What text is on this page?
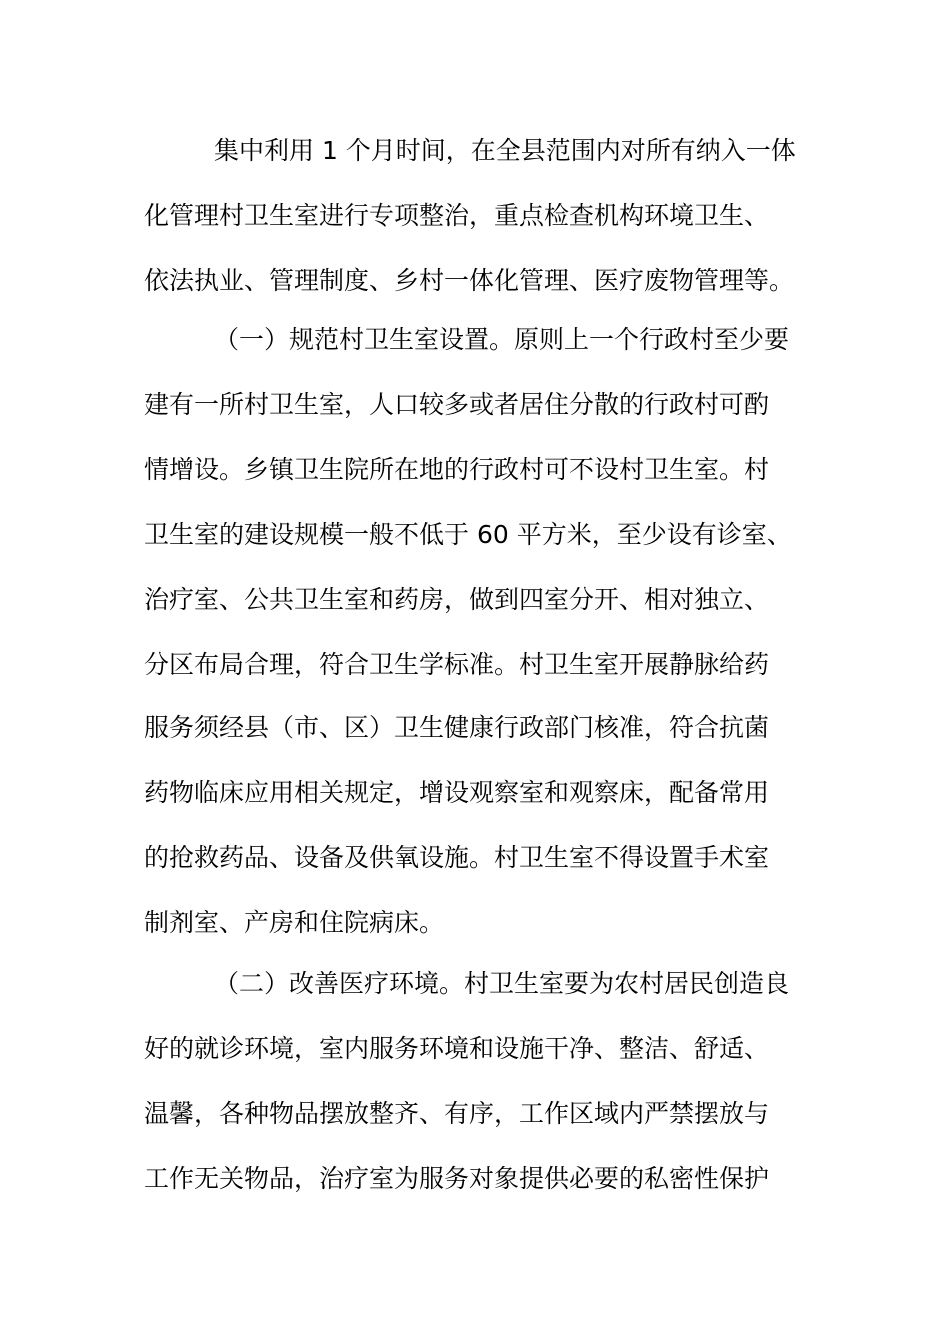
集中利用 1 个月时间，在全县范围内对所有纳入一体
化管理村卫生室进行专项整治，重点检查机构环境卫生、
依法执业、管理制度、乡村一体化管理、医疗废物管理等。
（一）规范村卫生室设置。原则上一个行政村至少要
建有一所村卫生室，人口较多或者居住分散的行政村可酌
情增设。乡镇卫生院所在地的行政村可不设村卫生室。村
卫生室的建设规模一般不低于 60 平方米，至少设有诊室、
治疗室、公共卫生室和药房，做到四室分开、相对独立、
分区布局合理，符合卫生学标准。村卫生室开展静脉给药
服务须经县（市、区）卫生健康行政部门核准，符合抗菌
药物临床应用相关规定，增设观察室和观察床，配备常用
的抢救药品、设备及供氧设施。村卫生室不得设置手术室
制剂室、产房和住院病床。
（二）改善医疗环境。村卫生室要为农村居民创造良
好的就诊环境，室内服务环境和设施干净、整洁、舒适、
温馨，各种物品摆放整齐、有序，工作区域内严禁摆放与
工作无关物品，治疗室为服务对象提供必要的私密性保护
